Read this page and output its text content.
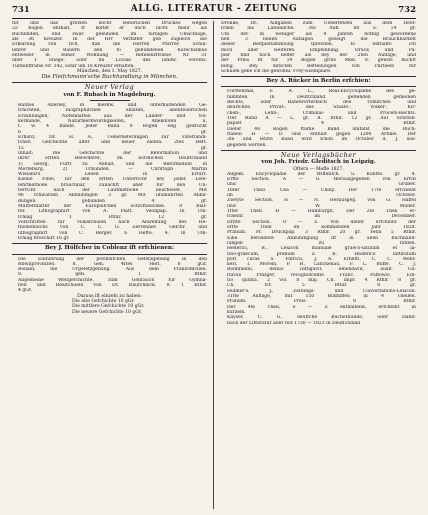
731	ALLG. LITERATUR - ZEITUNG	732
tilt und das grofsen leicht lesterlichen Druckes wegen
32 Bogen enthält, fr koftet er doch nicht mehr als
Buchlinden, und zwar gebunden im farbigen Umschlage,
als 36 Kreuzer. In der Hrr Verfaffer geb zugleich die
Erklärung von fich, daß die Herren Pfarrer, Schul-
lehrer und Bauern den fo gebundenen Katechismus
entweder in feiner Wohnung — Refidenzftrafse Nr. 31
über 1 Stiege, oder im Locale des landw. Vereins,
Türkenftrafse Nr. 342, sofar um 18 Kreuzer erhalten.
München, den 1. May 1827.
Die Fleifchmann'sche Buchhandlung in München.
Neuer Verlag
von F. Rubach in Magdeburg.
Buntes Allerley, in merkw. und unterhaltenden Ge-
fchichten, biographifchen Skizzen, abenteuerlichen
Erzählungen, Notenhaften aus der Länder- und Völ-
kerkunde, Naturmerkwürdigkeiten, Anekdoten u.
f. w. 4 Bände, jeder Band 9 Bogen eng gedruckt
6 gr.
Erhard, Dr. H. A., Ueberlieferungen zur vaterländi-
fchen Gefchichte alter und neuer Zeiten. 2tes Heft.
15 gr.
Inhalt: Die Gefchichte der Reformation und
ihrer erften Beförderer, im nördlichen Deutfchland
1) Georg, Fürft zu Anhalt, und die Reformation in
Merfeburg. 2) Urkunden. — Chriftoph Martin
Wieland's Leben in Erfurt.
Kleine Fibel, für den erften Unterricht bey jeder Lefe-
lehrmethode brauchbar, zunächft aber für den Un-
terricht nach der Lautmethode bearbeitet. Mit
96 fchwarzen Abbildungen 3 gr. Mit illuminirten Abbil-
dungen gebunden 4 gr.
Mufterblätter der Europäifchen Schriftzeichen. 8 Blät-
ter. Lithographirt von A. Platt. Velinpap. In Um-
fchlag 1 Rthlr. 12 gr.
Vorfchriften für Volksfchulen nach Anweifung des He-
thodenbuchs von C. C. G. Zerrenner. Gefchr. und
lithographirt von C. Berger. 6 Hefte. 4. In Um-
fchlag broschirt 16 gr.
Bey J. Hölfcher in Coblenz ift erfchienen:
Die Einführung der preufsifchen Gefetzgebung in den
Rheinprovinzen. 8. Geh. 4ftes Heft. 8 gGr.
Bonald, die Urgefetzgebung. Aus dem Franzöfifchen.
8. geh. 1 Rthlr.
Allgemeine Weltgefchichte, zum Gebrauch für Gymna-
fien und Realfchulen von Dr. Raufchnick. 8. 1 Rthlr.
4 gGr.
Daraus ift einzeln zu haben:
Die alte Gefchichte 10 gGr.
Die mittlere Gefchichte 10 gGr.
Die neuere Gefchichte 10 gGr.
Dronke, Dr., Aufgaben zum Ueberfetzen aus dem Deut-
fchen ins Lateinifche. 3te Aufl. 88 S. 14 gr.
Um der in weniger als 4 Jahren nöthig gewordene
nen 3 neuen Auflagen gezeigt die Brauchbarkeit
dieser Beifpielfammlung fprechen, fo enthalte ich
mich aller weiteren Empfehlung. Druck und Pa-
pier find noch beffer als bey der 2ten Auflage, und
der Preis ift für 19 Bogen grofs Med. 8. gewifs höchft
billig. Bey directen Beftellungen von Partieen für
Schulen gebe ich die gewöhnl. Frey-Exemplare.
Bey A. Rücker in Berlin erfchien:
Fürftenthal, F. A. L., Real-Encyclopädie des ge-
fammten in Deutfchland geltenden gemeinen
Rechts, oder Handwörterbuch des römifchen und
deutfchen Privat-, des Staats-, Völker-, Kir-
chen-, Lehn-, Criminal- und Procefs-Rechts.
1ter Band A — L. gr. 8. Rthlr. 12 gr. Auf Schreib-
papier 4 Rthlr.
Diefer 46 Bogen ftarke Band umfafst die Buch-
ftaben H — O und enthält gegen 1200 Artikel. Der
3te und letzte Band wird fchon im October d. J. aus-
gegeben werden.
Neue Verlagsbücher
von Joh. Friedr. Gleditsch in Leipzig.
Oftern — Meffe 1827.
Allgem. Encyclopädie der Wiffenfch. u. Künfte. gr. 4.
Erfte Section. A — G. Herausgegeben von Erfch
und Gruber.
16ter Theil. Cea — Chiny. Der 17te erfcheint
im October.
Zweyte Section. H — N. Herausgeg. von G. Haffel
und W. Müller.
1fter Theil. H — Hamburgh. Der 2te Theil er-
fcheint im December.
Dritte Section. O — Z. Von diefer erfcheint der
erfte Theil im kommenden Jahr 1828.
Pränum. Pr. Druckpap. 3 Rthlr. 20 gr. Velin 5 Rthlr.
Eine befondere Ankündigung ift in allen Buchhand-
lungen zu finden.
Hederici, B., Lexicon manuale graeco-latinum et la-
tino-graecum, primum a B. Hederico inftitutum
poft curas S. Patricii, J. A. Ernefti, C. C. Went-
keri, T. Morelli, P. H. Lanckenau, F. L. Buffe, C. J.
Blomfieldii, denuo caftigavit, emendavit, auxit Gu-
ftavus Pinzger, recognofcente Franc. Paffowio. Edi-
tio quinta. 2 Vol. 8 maj. Ch. impr. 4 Rthlr. 8 gr.
Ch. fcr. 5 Rthlr. 8 gr.
Hübner's, J., Zeitungs- und Converfations-Lexicon.
31fte Auflage, mit 150 Bildniffen in 4 Theilen.
Pränum. Preis 8 Rthlr.
Der 4te Theil, S — Z enthaltend, erfcheint in
kurzem.
Kayser, C. G., deutfche Bücherkunde, oder Hand-
buch der Litteratur aller feit 1750 — 1823 in Deutfchland
